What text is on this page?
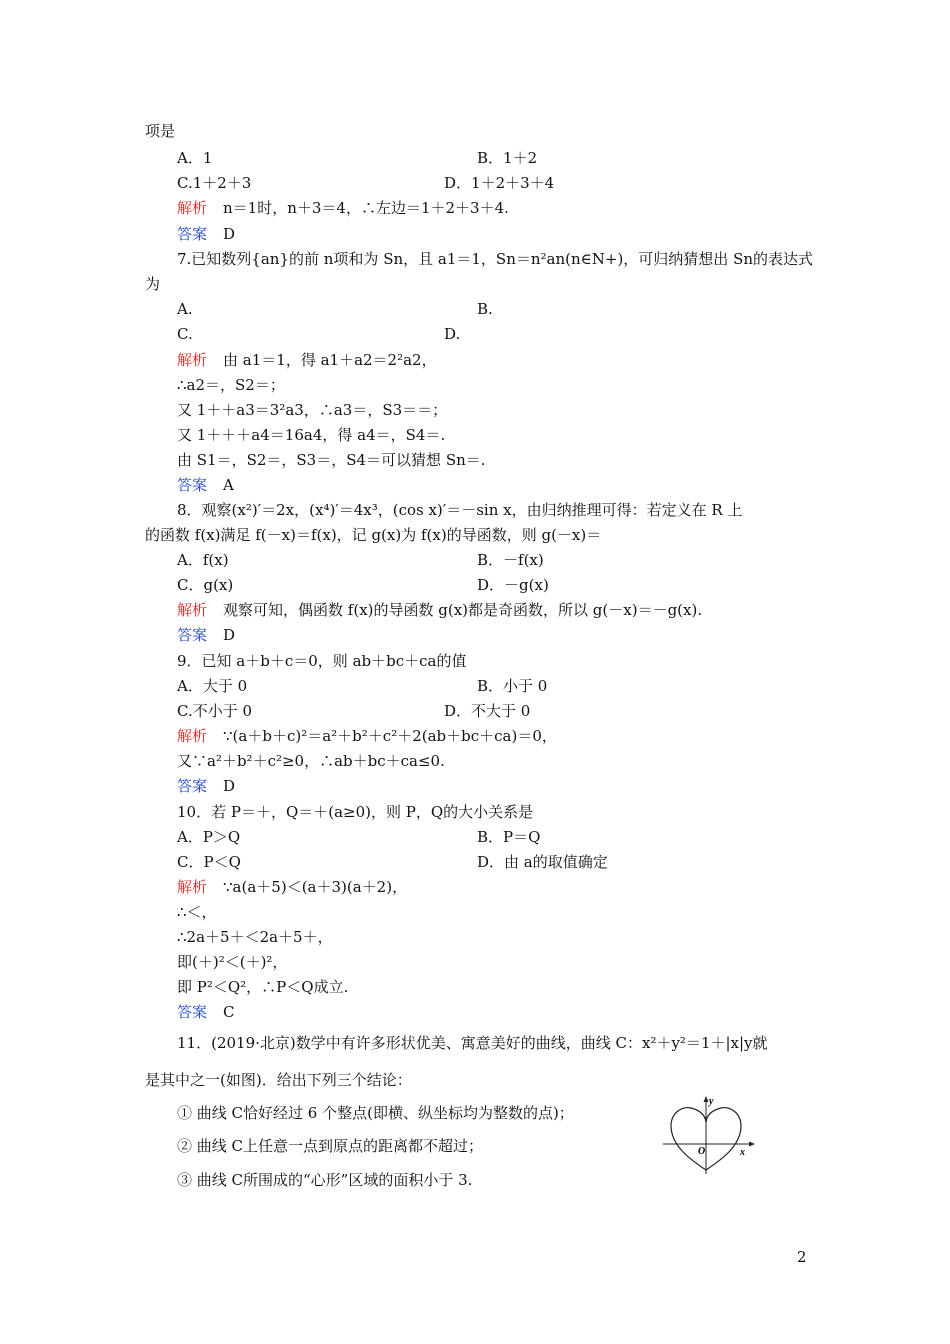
项是
A．1	B．1＋2
C.1＋2＋3	D．1＋2＋3＋4
解析 n＝1时，n＋3＝4，∴左边＝1＋2＋3＋4.
答案 D
7.已知数列{an}的前 n项和为 Sn，且 a1＝1，Sn＝n²an(n∈N+)，可归纳猜想出 Sn的表达式
为
A.	B.
C.	D.
解析 由 a1＝1，得 a1＋a2＝2²a2，
∴a2＝，S2＝；
又 1＋＋a3＝3²a3，∴a3＝，S3＝＝；
又 1＋＋＋a4＝16a4，得 a4＝，S4＝.
由 S1＝，S2＝，S3＝，S4＝可以猜想 Sn＝.
答案 A
8．观察(x²)′＝2x，(x⁴)′＝4x³，(cos x)′＝－sin x，由归纳推理可得：若定义在 R 上
的函数 f(x)满足 f(－x)＝f(x)，记 g(x)为 f(x)的导函数，则 g(－x)＝
A．f(x)	B．－f(x)
C．g(x)	D．－g(x)
解析 观察可知，偶函数 f(x)的导函数 g(x)都是奇函数，所以 g(－x)＝－g(x).
答案 D
9．已知 a＋b＋c＝0，则 ab＋bc＋ca的值
A．大于 0	B．小于 0
C.不小于 0	D．不大于 0
解析 ∵(a＋b＋c)²＝a²＋b²＋c²＋2(ab＋bc＋ca)＝0，
又∵a²＋b²＋c²≥0，∴ab＋bc＋ca≤0.
答案 D
10．若 P＝＋，Q＝＋(a≥0)，则 P，Q的大小关系是
A．P＞Q	B．P＝Q
C．P＜Q	D．由 a的取值确定
解析 ∵a(a＋5)＜(a＋3)(a＋2)，
∴＜，
∴2a＋5＋＜2a＋5＋，
即(＋)²＜(＋)²，
即 P²＜Q²，∴P＜Q成立.
答案 C
11．(2019·北京)数学中有许多形状优美、寓意美好的曲线，曲线 C：x²＋y²＝1＋|x|y就
是其中之一(如图)．给出下列三个结论：
① 曲线 C恰好经过 6 个整点(即横、纵坐标均为整数的点)；
② 曲线 C上任意一点到原点的距离都不超过；
③ 曲线 C所围成的“心形”区域的面积小于 3.
y
x
O
2
